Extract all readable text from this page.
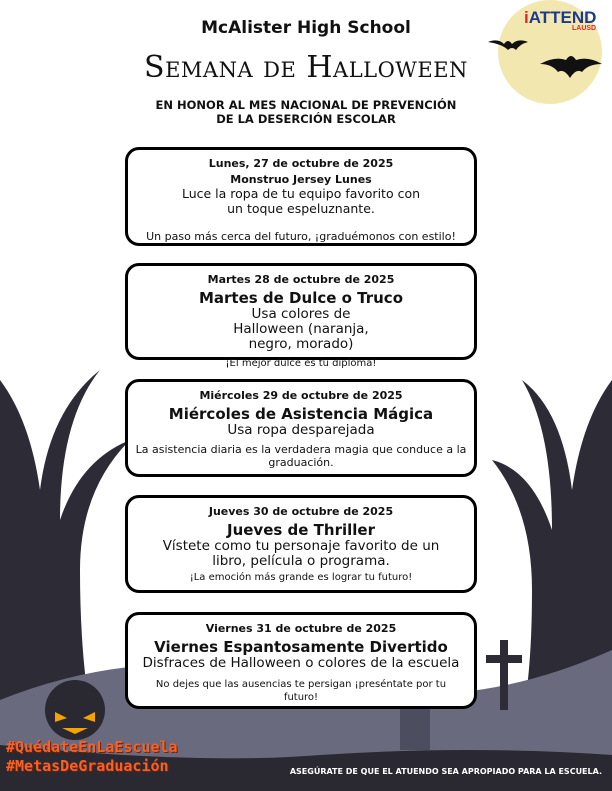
iATTEND
LAUSD
McAlister High School
Semana de Halloween
EN HONOR AL MES NACIONAL DE PREVENCIÓN
DE LA DESERCIÓN ESCOLAR
Lunes, 27 de octubre de 2025
Monstruo Jersey Lunes
Luce la ropa de tu equipo favorito con un toque espeluznante.
Un paso más cerca del futuro, ¡graduémonos con estilo!
Martes 28 de octubre de 2025
Martes de Dulce o Truco
Usa colores de Halloween (naranja, negro, morado)
¡El mejor dulce es tu diploma!
Miércoles 29 de octubre de 2025
Miércoles de Asistencia Mágica
Usa ropa desparejada
La asistencia diaria es la verdadera magia que conduce a la graduación.
Jueves 30 de octubre de 2025
Jueves de Thriller
Vístete como tu personaje favorito de un libro, película o programa.
¡La emoción más grande es lograr tu futuro!
Viernes 31 de octubre de 2025
Viernes Espantosamente Divertido
Disfraces de Halloween o colores de la escuela
No dejes que las ausencias te persigan ¡preséntate por tu futuro!
#QuédateEnLaEscuela
#MetasDeGraduación	ASEGÚRATE DE QUE EL ATUENDO SEA APROPIADO PARA LA ESCUELA.
